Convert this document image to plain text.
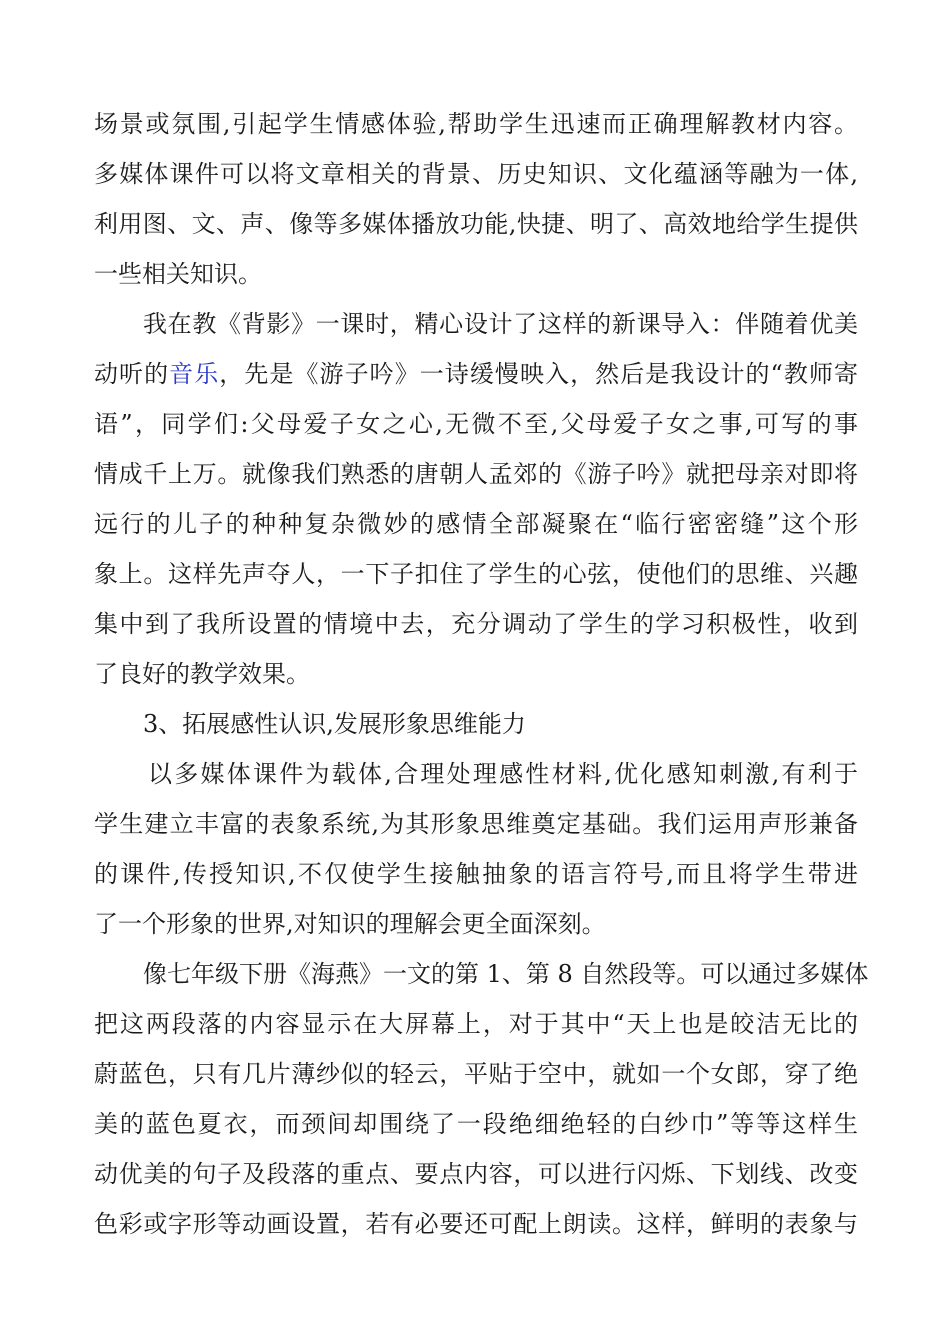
场景或氛围,引起学生情感体验,帮助学生迅速而正确理解教材内容。
多媒体课件可以将文章相关的背景、历史知识、文化蕴涵等融为一体,
利用图、文、声、像等多媒体播放功能,快捷、明了、高效地给学生提供
一些相关知识。
我在教《背影》一课时，精心设计了这样的新课导入：伴随着优美
动听的音乐，先是《游子吟》一诗缓慢映入，然后是我设计的“教师寄
语”，同学们:父母爱子女之心,无微不至,父母爱子女之事,可写的事
情成千上万。就像我们熟悉的唐朝人孟郊的《游子吟》就把母亲对即将
远行的儿子的种种复杂微妙的感情全部凝聚在“临行密密缝”这个形
象上。这样先声夺人，一下子扣住了学生的心弦，使他们的思维、兴趣
集中到了我所设置的情境中去，充分调动了学生的学习积极性，收到
了良好的教学效果。
3、拓展感性认识,发展形象思维能力
以多媒体课件为载体,合理处理感性材料,优化感知刺激,有利于
学生建立丰富的表象系统,为其形象思维奠定基础。我们运用声形兼备
的课件,传授知识,不仅使学生接触抽象的语言符号,而且将学生带进
了一个形象的世界,对知识的理解会更全面深刻。
像七年级下册《海燕》一文的第 1、第 8 自然段等。可以通过多媒体
把这两段落的内容显示在大屏幕上，对于其中“天上也是皎洁无比的
蔚蓝色，只有几片薄纱似的轻云，平贴于空中，就如一个女郎，穿了绝
美的蓝色夏衣，而颈间却围绕了一段绝细绝轻的白纱巾”等等这样生
动优美的句子及段落的重点、要点内容，可以进行闪烁、下划线、改变
色彩或字形等动画设置，若有必要还可配上朗读。这样，鲜明的表象与
